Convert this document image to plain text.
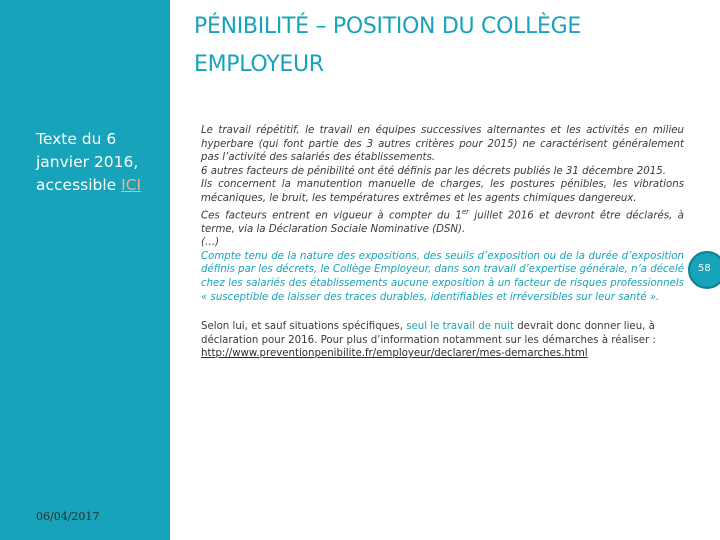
Texte du 6 janvier 2016, accessible ICI
06/04/2017
PÉNIBILITÉ – POSITION DU COLLÈGE EMPLOYEUR

Le travail répétitif, le travail en équipes successives alternantes et les activités en milieu hyperbare (qui font partie des 3 autres critères pour 2015) ne caractérisent généralement pas l’activité des salariés des établissements.

6 autres facteurs de pénibilité ont été définis par les décrets publiés le 31 décembre 2015.

Ils concernent la manutention manuelle de charges, les postures pénibles, les vibrations mécaniques, le bruit, les températures extrêmes et les agents chimiques dangereux.

Ces facteurs entrent en vigueur à compter du 1er juillet 2016 et devront être déclarés, à terme, via la Déclaration Sociale Nominative (DSN).

(…)

Compte tenu de la nature des expositions, des seuils d’exposition ou de la durée d’exposition définis par les décrets, le Collège Employeur, dans son travail d’expertise générale, n’a décelé chez les salariés des établissements aucune exposition à un facteur de risques professionnels « susceptible de laisser des traces durables, identifiables et irréversibles sur leur santé ».

Selon lui, et sauf situations spécifiques, seul le travail de nuit devrait donc donner lieu, à déclaration pour 2016. Pour plus d’information notamment sur les démarches à réaliser :

http://www.preventionpenibilite.fr/employeur/declarer/mes-demarches.html

58
